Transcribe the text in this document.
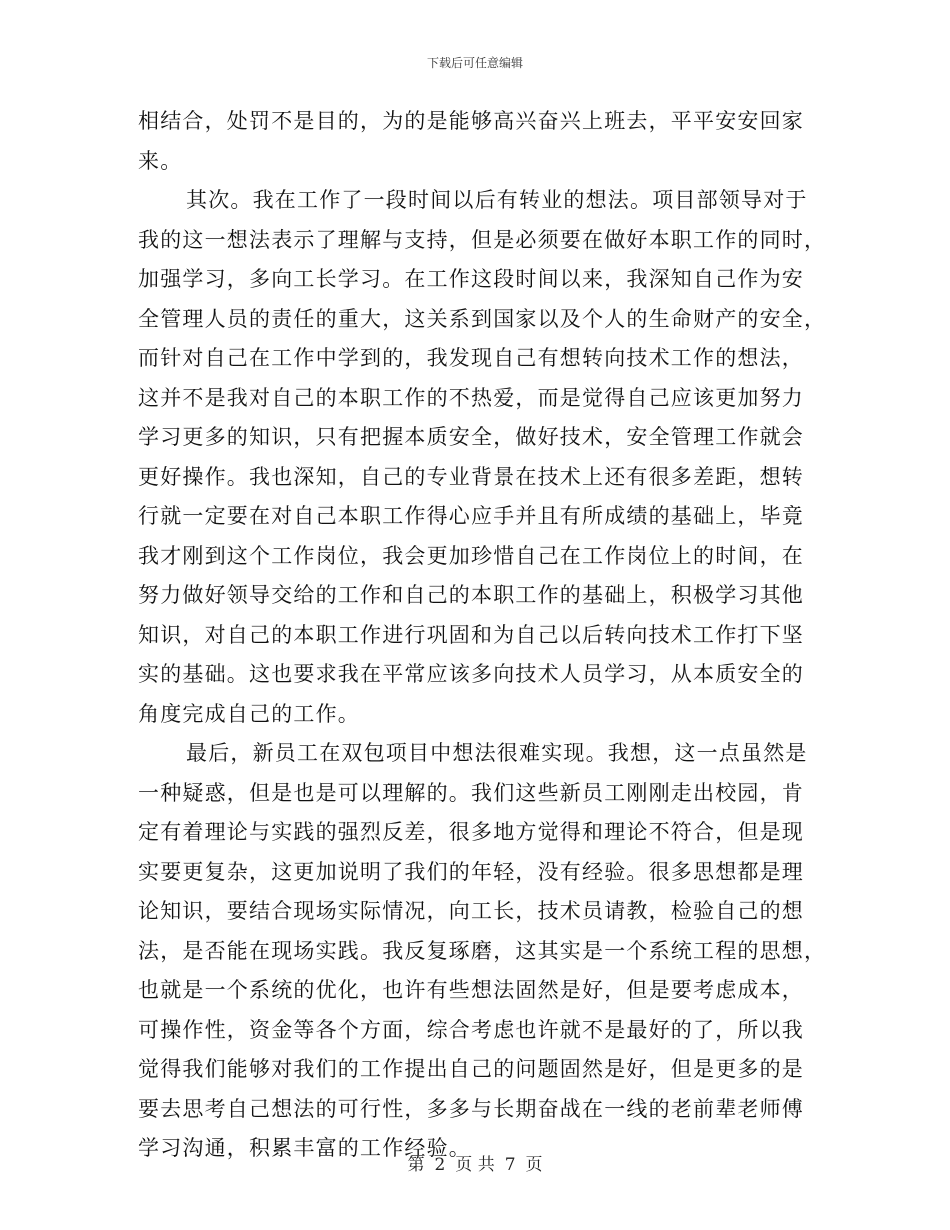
下载后可任意编辑
相结合，处罚不是目的，为的是能够高兴奋兴上班去，平平安安回家
来。
其次。我在工作了一段时间以后有转业的想法。项目部领导对于
我的这一想法表示了理解与支持，但是必须要在做好本职工作的同时，
加强学习，多向工长学习。在工作这段时间以来，我深知自己作为安
全管理人员的责任的重大，这关系到国家以及个人的生命财产的安全，
而针对自己在工作中学到的，我发现自己有想转向技术工作的想法，
这并不是我对自己的本职工作的不热爱，而是觉得自己应该更加努力
学习更多的知识，只有把握本质安全，做好技术，安全管理工作就会
更好操作。我也深知，自己的专业背景在技术上还有很多差距，想转
行就一定要在对自己本职工作得心应手并且有所成绩的基础上，毕竟
我才刚到这个工作岗位，我会更加珍惜自己在工作岗位上的时间，在
努力做好领导交给的工作和自己的本职工作的基础上，积极学习其他
知识，对自己的本职工作进行巩固和为自己以后转向技术工作打下坚
实的基础。这也要求我在平常应该多向技术人员学习，从本质安全的
角度完成自己的工作。
最后，新员工在双包项目中想法很难实现。我想，这一点虽然是
一种疑惑，但是也是可以理解的。我们这些新员工刚刚走出校园，肯
定有着理论与实践的强烈反差，很多地方觉得和理论不符合，但是现
实要更复杂，这更加说明了我们的年轻，没有经验。很多思想都是理
论知识，要结合现场实际情况，向工长，技术员请教，检验自己的想
法，是否能在现场实践。我反复琢磨，这其实是一个系统工程的思想，
也就是一个系统的优化，也许有些想法固然是好，但是要考虑成本，
可操作性，资金等各个方面，综合考虑也许就不是最好的了，所以我
觉得我们能够对我们的工作提出自己的问题固然是好，但是更多的是
要去思考自己想法的可行性，多多与长期奋战在一线的老前辈老师傅
学习沟通，积累丰富的工作经验。
第 2 页 共 7 页
